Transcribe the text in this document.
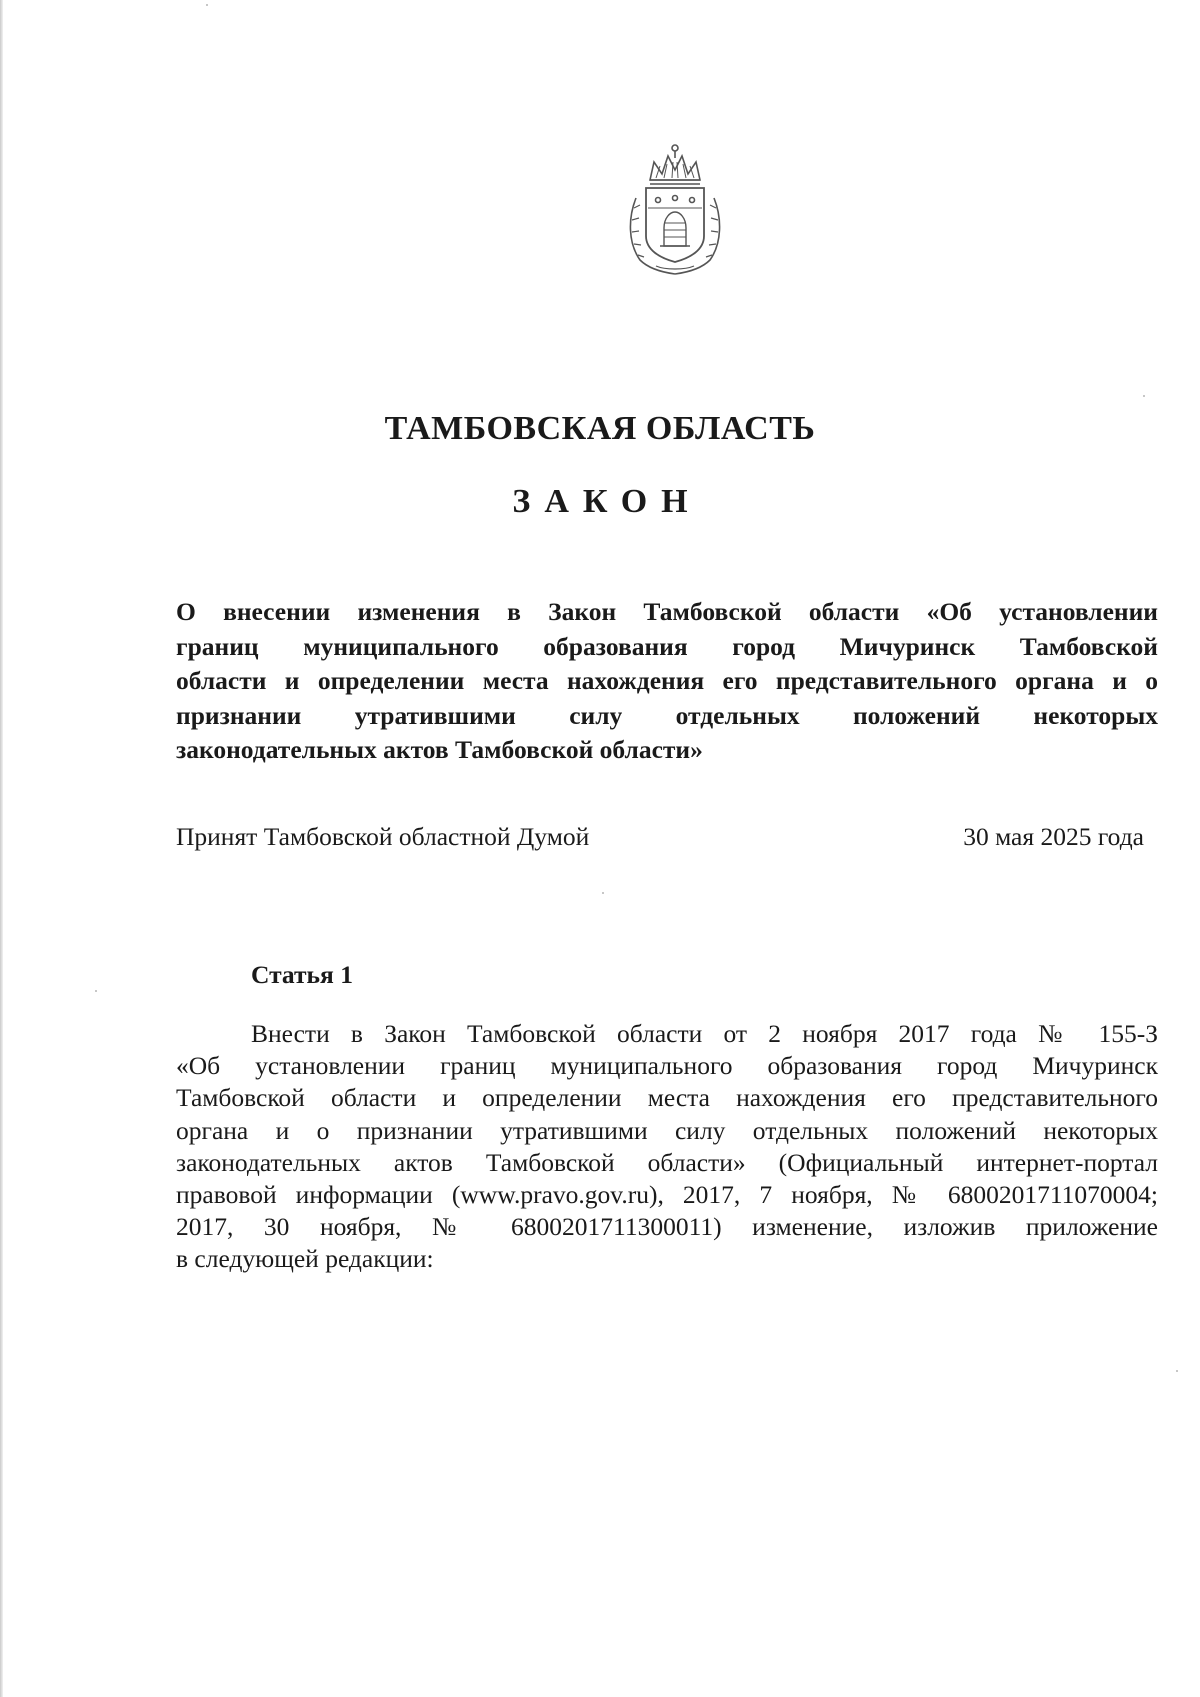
ТАМБОВСКАЯ ОБЛАСТЬ
ЗАКОН
О внесении изменения в Закон Тамбовской области «Об установлении
границ муниципального образования город Мичуринск Тамбовской
области и определении места нахождения его представительного органа и о
признании утратившими силу отдельных положений некоторых
законодательных актов Тамбовской области»
Принят Тамбовской областной Думой	30 мая 2025 года
Статья 1
Внести в Закон Тамбовской области от 2 ноября 2017 года № 155-З
«Об установлении границ муниципального образования город Мичуринск
Тамбовской области и определении места нахождения его представительного
органа и о признании утратившими силу отдельных положений некоторых
законодательных актов Тамбовской области» (Официальный интернет-портал
правовой информации (www.pravo.gov.ru), 2017, 7 ноября, № 6800201711070004;
2017, 30 ноября, № 6800201711300011) изменение, изложив приложение
в следующей редакции:
